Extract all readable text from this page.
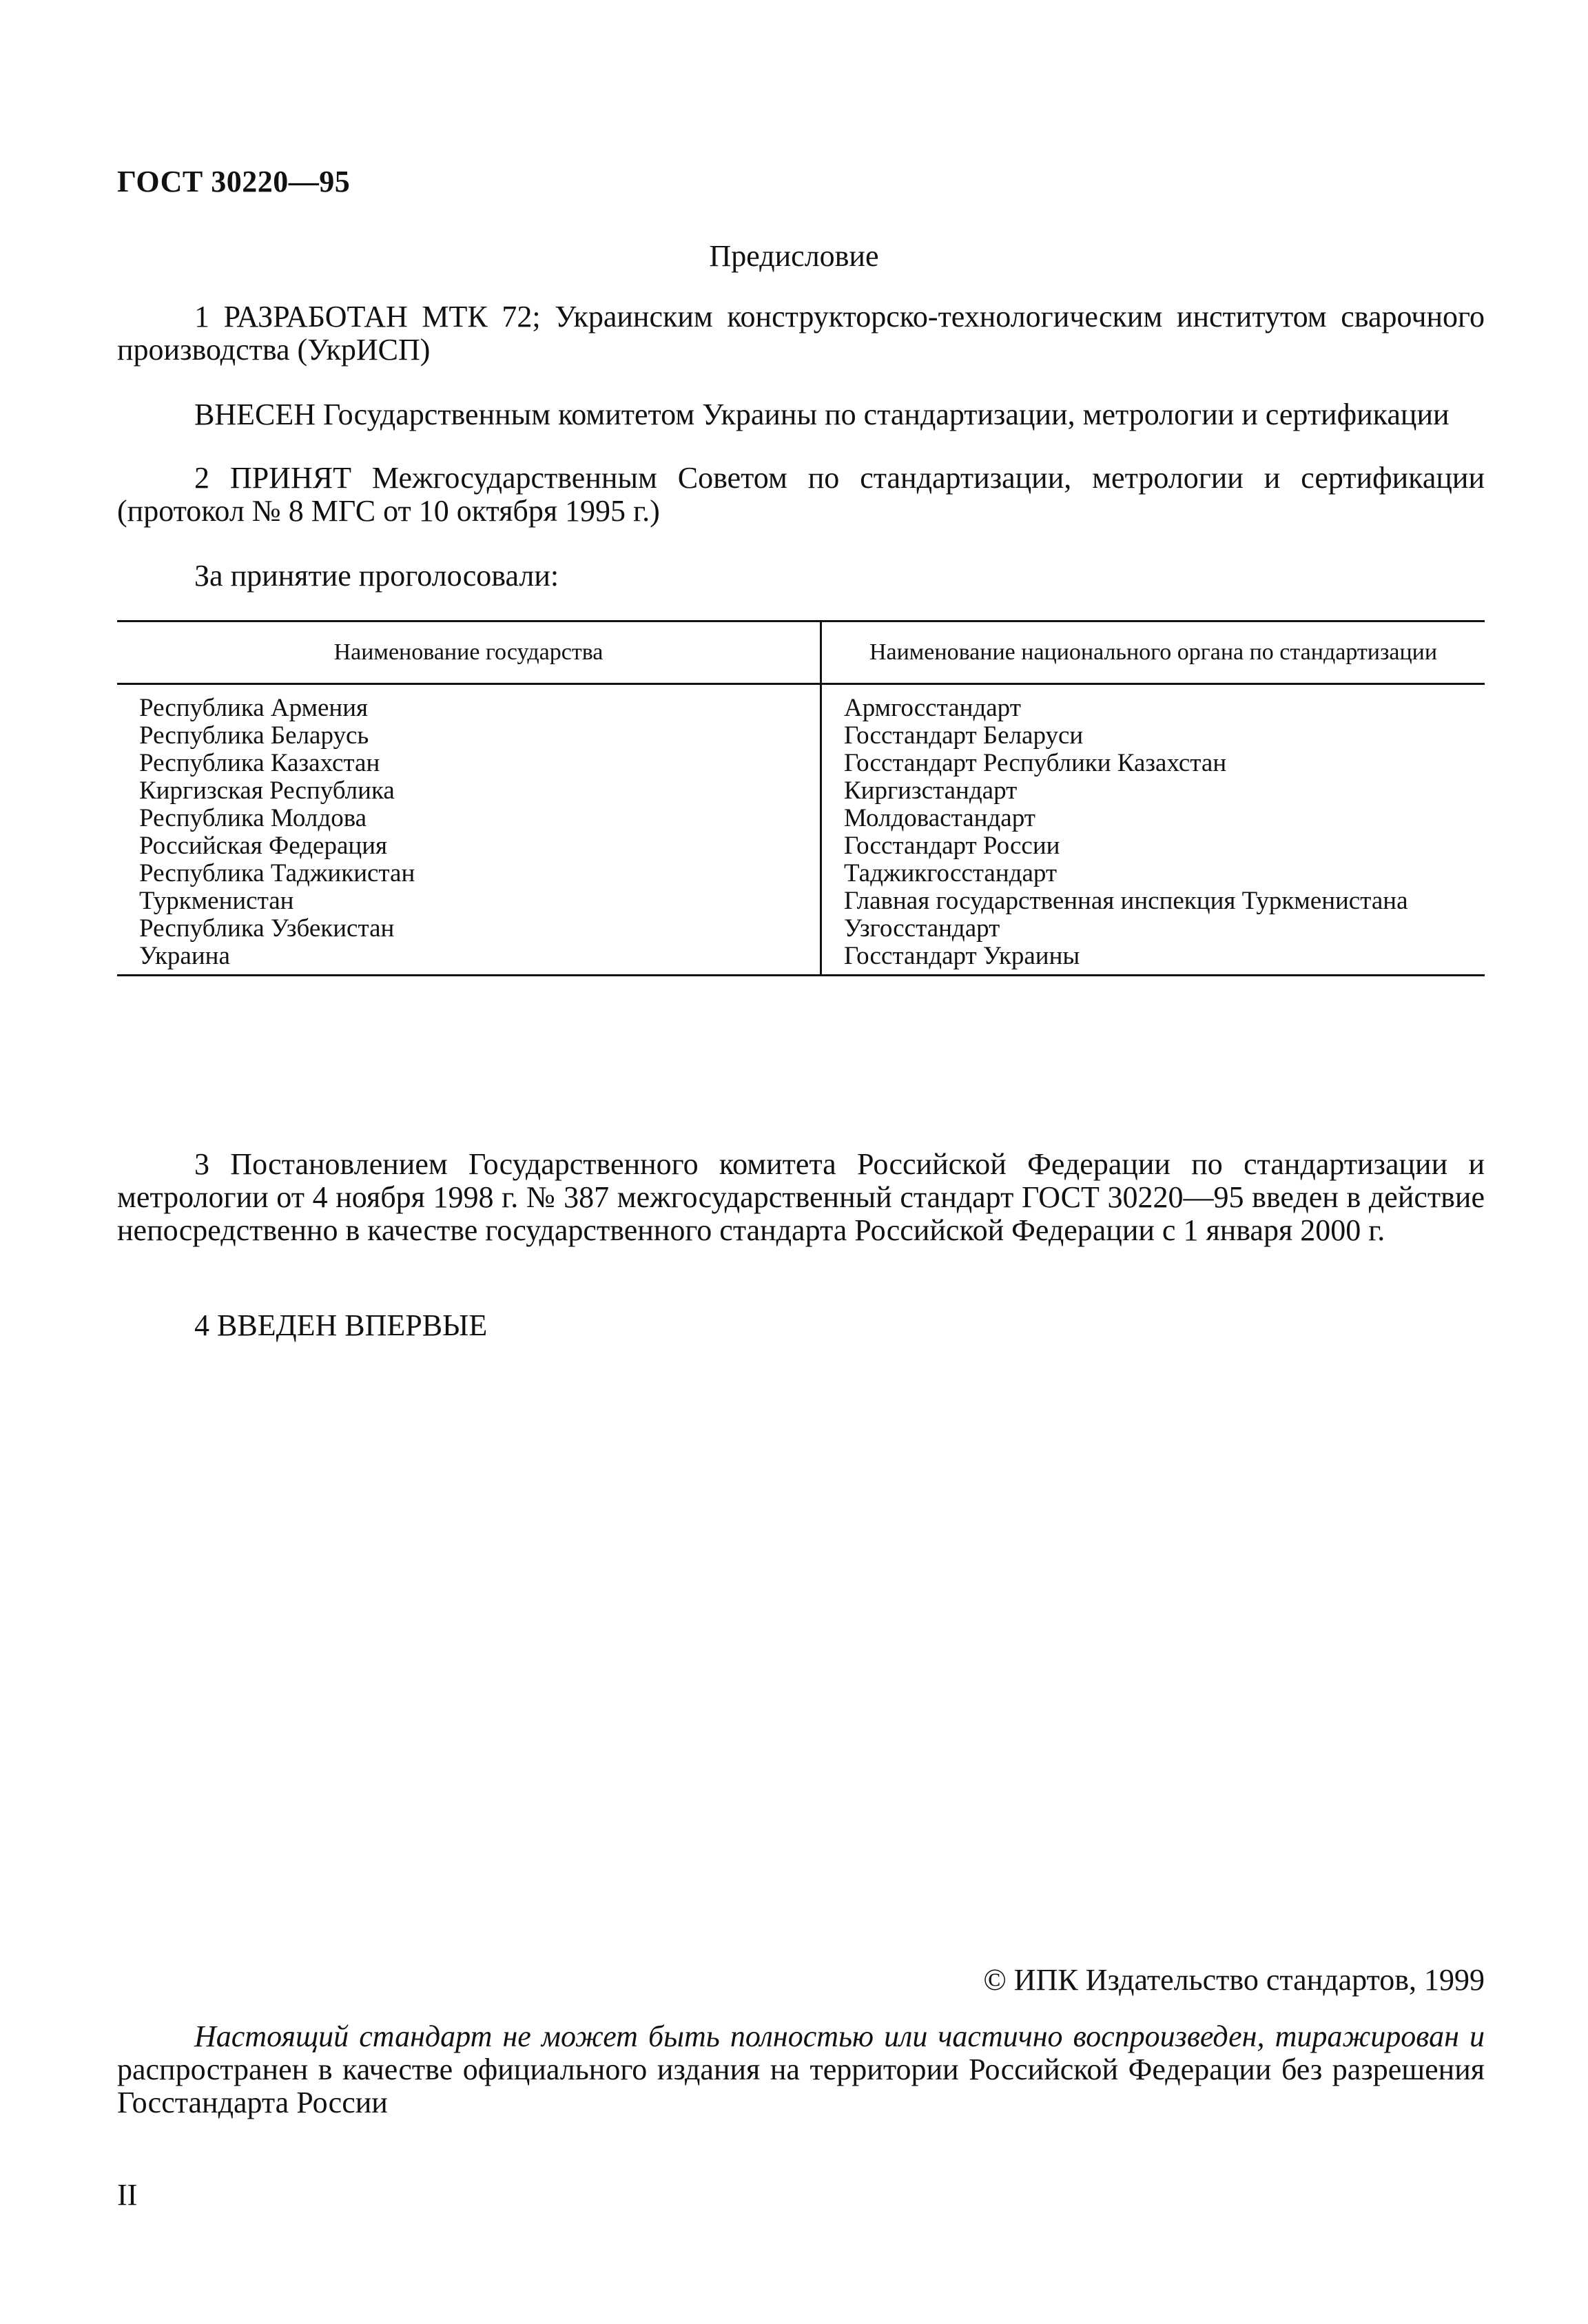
ГОСТ 30220—95
Предисловие

1 РАЗРАБОТАН МТК 72; Украинским конструкторско-технологическим институтом сварочного производства (УкрИСП)

ВНЕСЕН Государственным комитетом Украины по стандартизации, метрологии и сертификации

2 ПРИНЯТ Межгосударственным Советом по стандартизации, метрологии и сертификации (протокол № 8 МГС от 10 октября 1995 г.)

За принятие проголосовали:

Наименование государства	Наименование национального органа по стандартизации
Республика Армения	Армгосстандарт
Республика Беларусь	Госстандарт Беларуси
Республика Казахстан	Госстандарт Республики Казахстан
Киргизская Республика	Киргизстандарт
Республика Молдова	Молдовастандарт
Российская Федерация	Госстандарт России
Республика Таджикистан	Таджикгосстандарт
Туркменистан	Главная государственная инспекция Туркменистана
Республика Узбекистан	Узгосстандарт
Украина	Госстандарт Украины

3 Постановлением Государственного комитета Российской Федерации по стандартизации и метрологии от 4 ноября 1998 г. № 387 межгосударственный стандарт ГОСТ 30220—95 введен в действие непосредственно в качестве государственного стандарта Российской Федерации с 1 января 2000 г.

4 ВВЕДЕН ВПЕРВЫЕ

© ИПК Издательство стандартов, 1999

Настоящий стандарт не может быть полностью или частично воспроизведен, тиражирован и распространен в качестве официального издания на территории Российской Федерации без разрешения Госстандарта России

II
